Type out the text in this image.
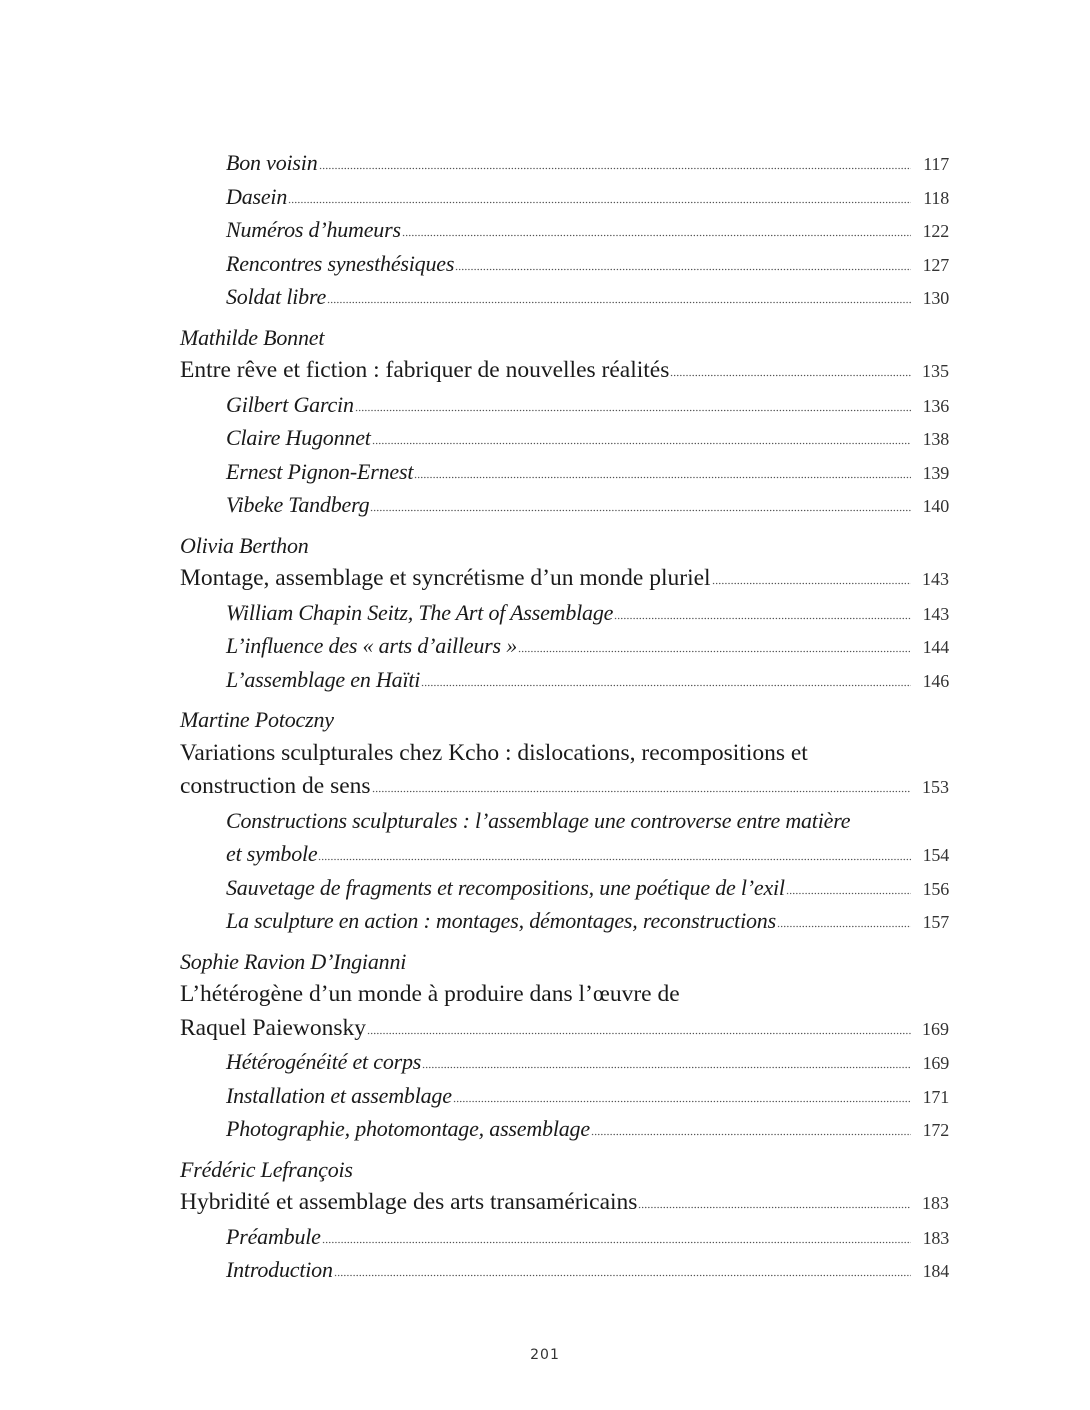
Bon voisin	117
Dasein	118
Numéros d’humeurs	122
Rencontres synesthésiques	127
Soldat libre	130
Mathilde Bonnet
Entre rêve et fiction : fabriquer de nouvelles réalités	135
Gilbert Garcin	136
Claire Hugonnet	138
Ernest Pignon-Ernest	139
Vibeke Tandberg	140
Olivia Berthon
Montage, assemblage et syncrétisme d’un monde pluriel	143
William Chapin Seitz, The Art of Assemblage	143
L’influence des « arts d’ailleurs »	144
L’assemblage en Haïti	146
Martine Potoczny
Variations sculpturales chez Kcho : dislocations, recompositions et
construction de sens	153
Constructions sculpturales : l’assemblage une controverse entre matière
et symbole	154
Sauvetage de fragments et recompositions, une poétique de l’exil	156
La sculpture en action : montages, démontages, reconstructions	157
Sophie Ravion D’Ingianni
L’hétérogène d’un monde à produire dans l’œuvre de
Raquel Paiewonsky	169
Hétérogénéité et corps	169
Installation et assemblage	171
Photographie, photomontage, assemblage	172
Frédéric Lefrançois
Hybridité et assemblage des arts transaméricains	183
Préambule	183
Introduction	184
201
